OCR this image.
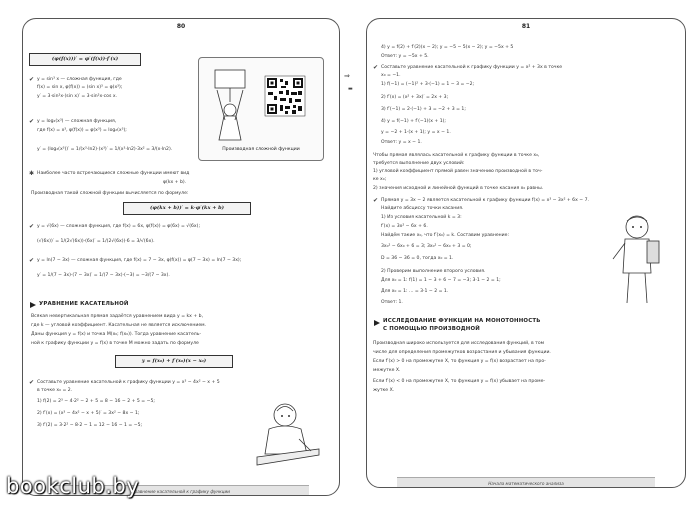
80
(φ(f(x)))′ = φ′(f(x))·f′(x)
Производная сложной функции
✔ y = sin³ x — сложная функция, где
f(x) = sin x, φ(f(x)) = (sin x)³ = φ(x³);
y′ = 3·sin²x·(sin x)′ = 3·sin²x·cos x.
✔ y = log₂(x³) — сложная функция,
где f(x) = x³, φ(f(x)) = φ(x³) = log₂(x³);
y′ = (log₂(x³))′ = 1/(x³·ln2)·(x³)′ = 1/(x³·ln2)·3x² = 3/(x·ln2).
✱ Наиболее часто встречающиеся сложные функции имеют вид
φ(kx + b).
Производная такой сложной функции вычисляется по формуле:
(φ(kx + b))′ = k·φ′(kx + b)
✔ y = √(6x) — сложная функция, где f(x) = 6x, φ(f(x)) = φ(6x) = √(6x);
(√(6x))′ = 1/(2√(6x))·(6x)′ = 1/(2√(6x))·6 = 3/√(6x).
✔ y = ln(7 − 3x) — сложная функция, где f(x) = 7 − 3x, φ(f(x)) = φ(7 − 3x) = ln(7 − 3x);
y′ = 1/(7 − 3x)·(7 − 3x)′ = 1/(7 − 3x)·(−3) = −3/(7 − 3x).
УРАВНЕНИЕ КАСАТЕЛЬНОЙ
Всякая невертикальная прямая задаётся уравнением вида y = kx + b,
где k — угловой коэффициент. Касательная не является исключением.
Даны функция y = f(x) и точка M(x₀; f(x₀)). Тогда уравнение касатель-
ной к графику функции y = f(x) в точке M можно задать по формуле
y = f(x₀) + f′(x₀)(x − x₀)
✔ Составьте уравнение касательной к графику функции y = x³ − 4x² − x + 5
в точке x₀ = 2.
1) f(2) = 2³ − 4·2² − 2 + 5 = 8 − 16 − 2 + 5 = −5;
2) f′(x) = (x³ − 4x² − x + 5)′ = 3x² − 8x − 1;
3) f′(2) = 3·2² − 8·2 − 1 = 12 − 16 − 1 = −5;
Уравнение касательной к графику функции
⇒
▬
81
4) y = f(2) + f′(2)(x − 2); y = −5 − 5(x − 2); y = −5x + 5
Ответ: y = −5x + 5.
✔ Составьте уравнение касательной к графику функции y = x² + 3x в точке
x₀ = −1.
1) f(−1) = (−1)² + 3·(−1) = 1 − 3 = −2;
2) f′(x) = (x² + 3x)′ = 2x + 3;
3) f′(−1) = 2·(−1) + 3 = −2 + 3 = 1;
4) y = f(−1) + f′(−1)(x + 1);
y = −2 + 1·(x + 1); y = x − 1.
Ответ: y = x − 1.
Чтобы прямая являлась касательной к графику функции в точке x₀,
требуется выполнение двух условий:
1) угловой коэффициент прямой равен значению производной в точ-
ке x₀;
2) значения исходной и линейной функций в точке касания x₀ равны.
✔ Прямая y = 3x − 2 является касательной к графику функции f(x) = x³ − 3x² + 6x − 7.
Найдите абсциссу точки касания.
1) Из условия касательной k = 3:
f′(x) = 3x² − 6x + 6.
Найдём такие x₀, что f′(x₀) = k. Составим уравнение:
3x₀² − 6x₀ + 6 = 3; 3x₀² − 6x₀ + 3 = 0;
D = 36 − 36 = 0, тогда x₀ = 1.
2) Проверим выполнение второго условия.
Для x₀ = 1: f(1) = 1 − 3 + 6 − 7 = −3; 3·1 − 2 = 1;
Для x₀ = 1: ... = 3·1 − 2 = 1.
Ответ: 1.
ИССЛЕДОВАНИЕ ФУНКЦИИ НА МОНОТОННОСТЬ
С ПОМОЩЬЮ ПРОИЗВОДНОЙ
Производная широко используется для исследования функций, в том
числе для определения промежутков возрастания и убывания функции.
Если f′(x) > 0 на промежутке X, то функция y = f(x) возрастает на про-
межутке X.
Если f′(x) < 0 на промежутке X, то функция y = f(x) убывает на проме-
жутке X.
Начала математического анализа
bookclub.by
